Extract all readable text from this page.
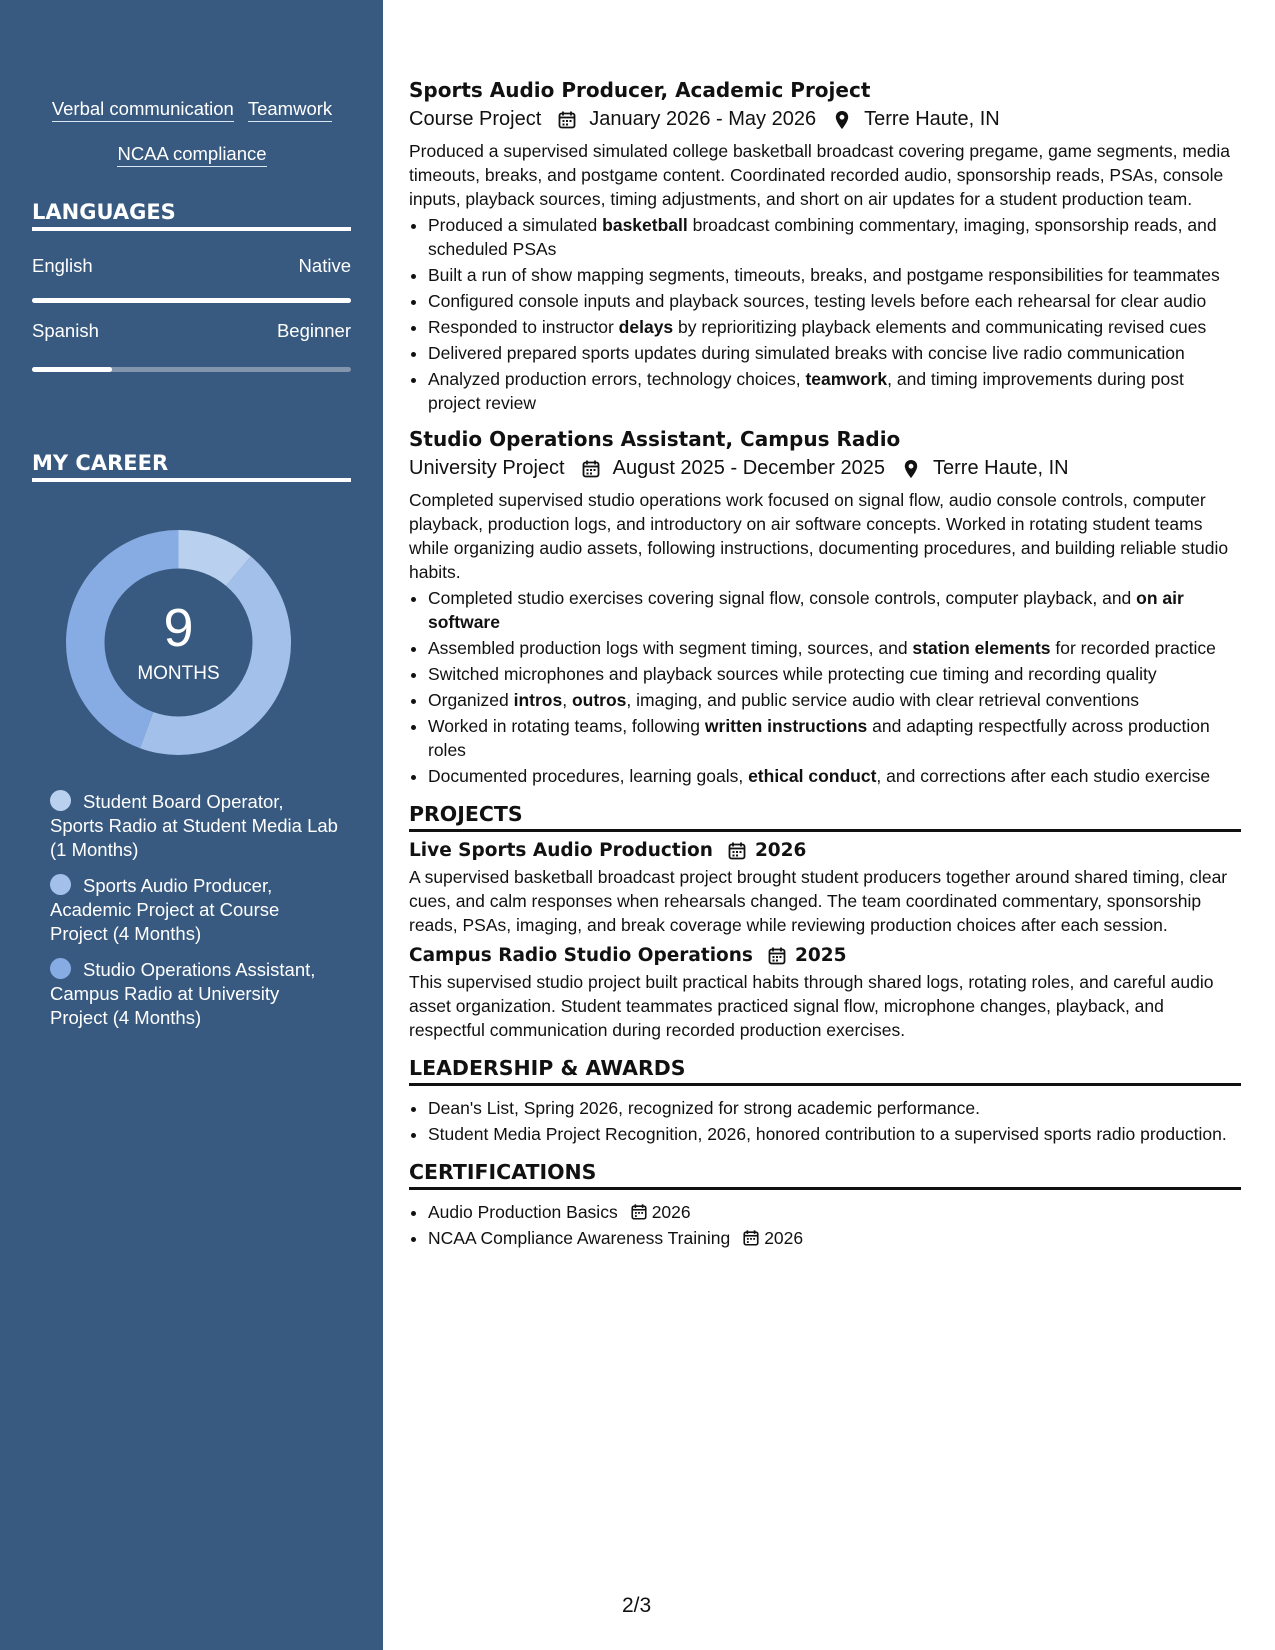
Verbal communication Teamwork
NCAA compliance
LANGUAGES
English	Native
Spanish	Beginner
MY CAREER
9
MONTHS
Student Board Operator, Sports Radio at Student Media Lab (1 Months)
Sports Audio Producer, Academic Project at Course Project (4 Months)
Studio Operations Assistant, Campus Radio at University Project (4 Months)
Sports Audio Producer, Academic Project
Course Project January 2026 - May 2026 Terre Haute, IN
Produced a supervised simulated college basketball broadcast covering pregame, game segments, media timeouts, breaks, and postgame content. Coordinated recorded audio, sponsorship reads, PSAs, console inputs, playback sources, timing adjustments, and short on air updates for a student production team.
• Produced a simulated basketball broadcast combining commentary, imaging, sponsorship reads, and scheduled PSAs
• Built a run of show mapping segments, timeouts, breaks, and postgame responsibilities for teammates
• Configured console inputs and playback sources, testing levels before each rehearsal for clear audio
• Responded to instructor delays by reprioritizing playback elements and communicating revised cues
• Delivered prepared sports updates during simulated breaks with concise live radio communication
• Analyzed production errors, technology choices, teamwork, and timing improvements during post project review
Studio Operations Assistant, Campus Radio
University Project August 2025 - December 2025 Terre Haute, IN
Completed supervised studio operations work focused on signal flow, audio console controls, computer playback, production logs, and introductory on air software concepts. Worked in rotating student teams while organizing audio assets, following instructions, documenting procedures, and building reliable studio habits.
• Completed studio exercises covering signal flow, console controls, computer playback, and on air software
• Assembled production logs with segment timing, sources, and station elements for recorded practice
• Switched microphones and playback sources while protecting cue timing and recording quality
• Organized intros, outros, imaging, and public service audio with clear retrieval conventions
• Worked in rotating teams, following written instructions and adapting respectfully across production roles
• Documented procedures, learning goals, ethical conduct, and corrections after each studio exercise
PROJECTS
Live Sports Audio Production 2026
A supervised basketball broadcast project brought student producers together around shared timing, clear cues, and calm responses when rehearsals changed. The team coordinated commentary, sponsorship reads, PSAs, imaging, and break coverage while reviewing production choices after each session.
Campus Radio Studio Operations 2025
This supervised studio project built practical habits through shared logs, rotating roles, and careful audio asset organization. Student teammates practiced signal flow, microphone changes, playback, and respectful communication during recorded production exercises.
LEADERSHIP & AWARDS
• Dean's List, Spring 2026, recognized for strong academic performance.
• Student Media Project Recognition, 2026, honored contribution to a supervised sports radio production.
CERTIFICATIONS
• Audio Production Basics 2026
• NCAA Compliance Awareness Training 2026
2/3
